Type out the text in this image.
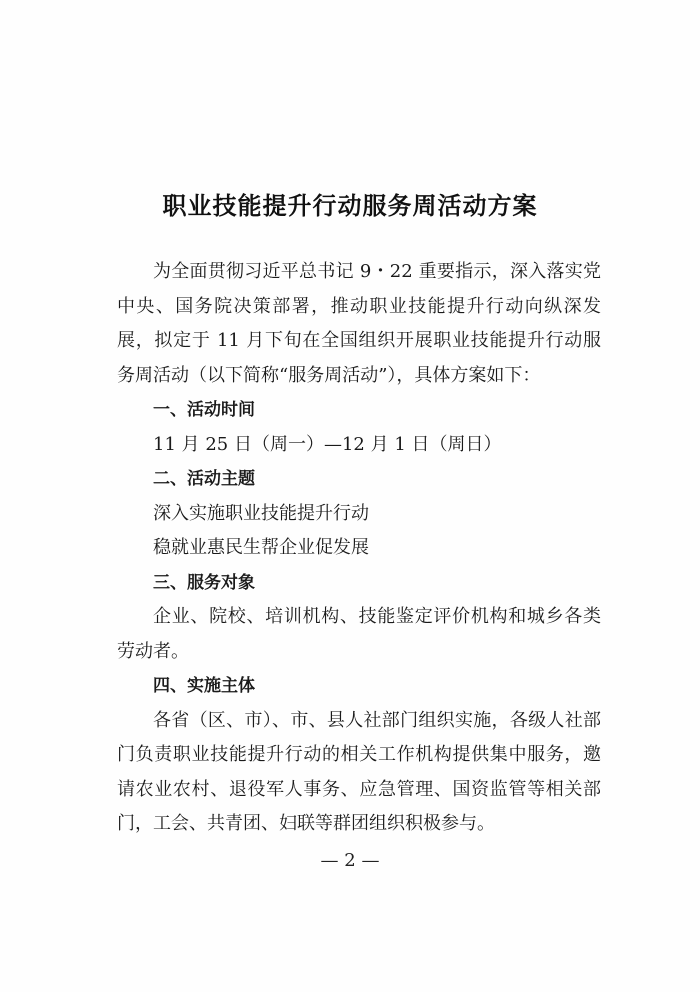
职业技能提升行动服务周活动方案

为全面贯彻习近平总书记 9・22 重要指示，深入落实党中央、国务院决策部署，推动职业技能提升行动向纵深发展，拟定于 11 月下旬在全国组织开展职业技能提升行动服务周活动（以下简称“服务周活动”），具体方案如下：

一、活动时间

11 月 25 日（周一）—12 月 1 日（周日）

二、活动主题

深入实施职业技能提升行动

稳就业惠民生帮企业促发展

三、服务对象

企业、院校、培训机构、技能鉴定评价机构和城乡各类劳动者。

四、实施主体

各省（区、市）、市、县人社部门组织实施，各级人社部门负责职业技能提升行动的相关工作机构提供集中服务，邀请农业农村、退役军人事务、应急管理、国资监管等相关部门，工会、共青团、妇联等群团组织积极参与。

— 2 —
